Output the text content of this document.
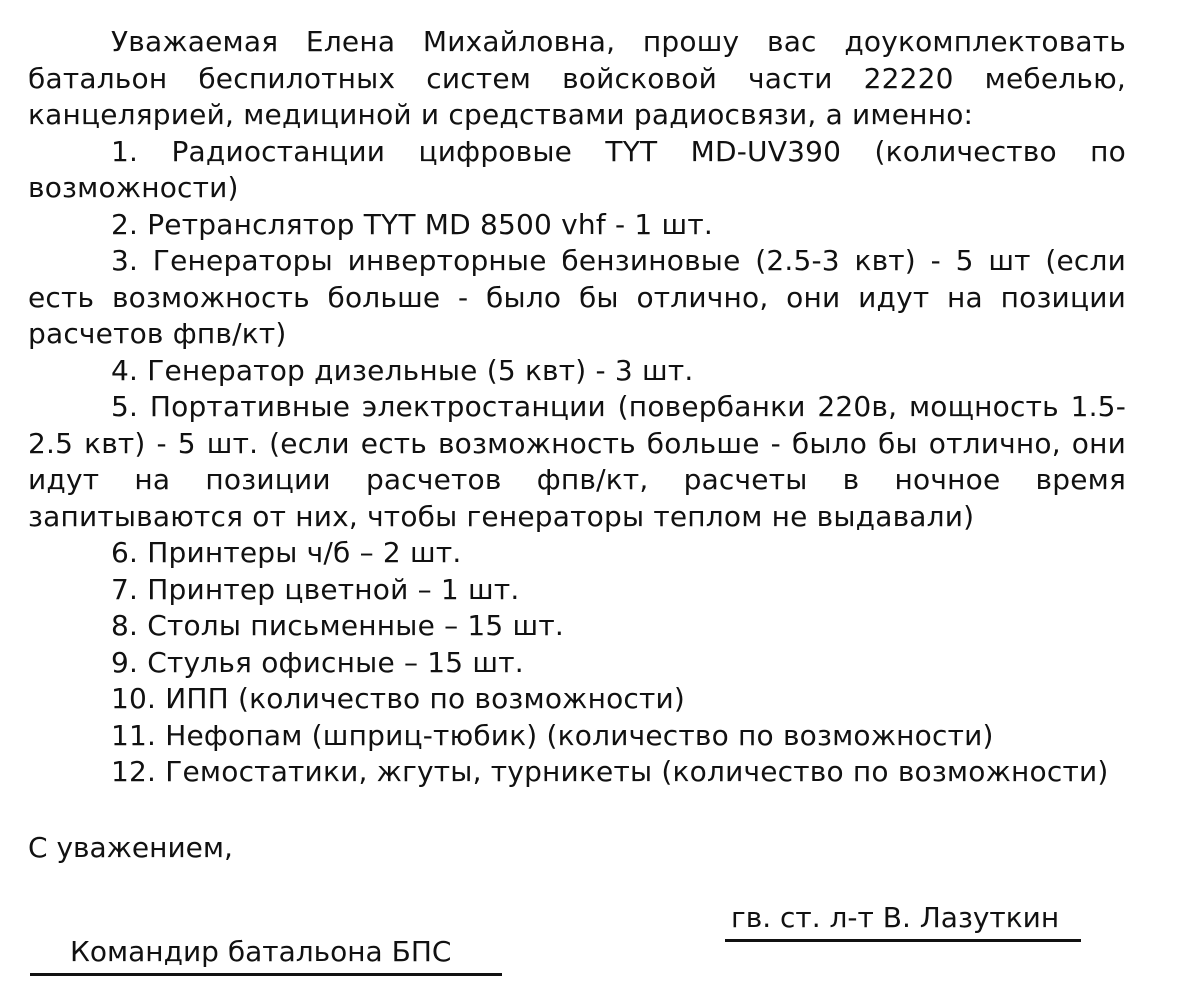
Уважаемая Елена Михайловна, прошу вас доукомплектовать батальон беспилотных систем войсковой части 22220 мебелью, канцелярией, медициной и средствами радиосвязи, а именно:

1. Радиостанции цифровые TYT MD-UV390 (количество по возможности)

2. Ретранслятор TYT MD 8500 vhf - 1 шт.

3. Генераторы инверторные бензиновые (2.5-3 квт) - 5 шт (если есть возможность больше - было бы отлично, они идут на позиции расчетов фпв/кт)

4. Генератор дизельные (5 квт) - 3 шт.

5. Портативные электростанции (повербанки 220в, мощность 1.5-2.5 квт) - 5 шт. (если есть возможность больше - было бы отлично, они идут на позиции расчетов фпв/кт, расчеты в ночное время запитываются от них, чтобы генераторы теплом не выдавали)

6. Принтеры ч/б – 2 шт.

7. Принтер цветной – 1 шт.

8. Столы письменные – 15 шт.

9. Стулья офисные – 15 шт.

10. ИПП (количество по возможности)

11. Нефопам (шприц-тюбик) (количество по возможности)

12. Гемостатики, жгуты, турникеты (количество по возможности)

С уважением,
гв. ст. л-т В. Лазуткин
Командир батальона БПС
